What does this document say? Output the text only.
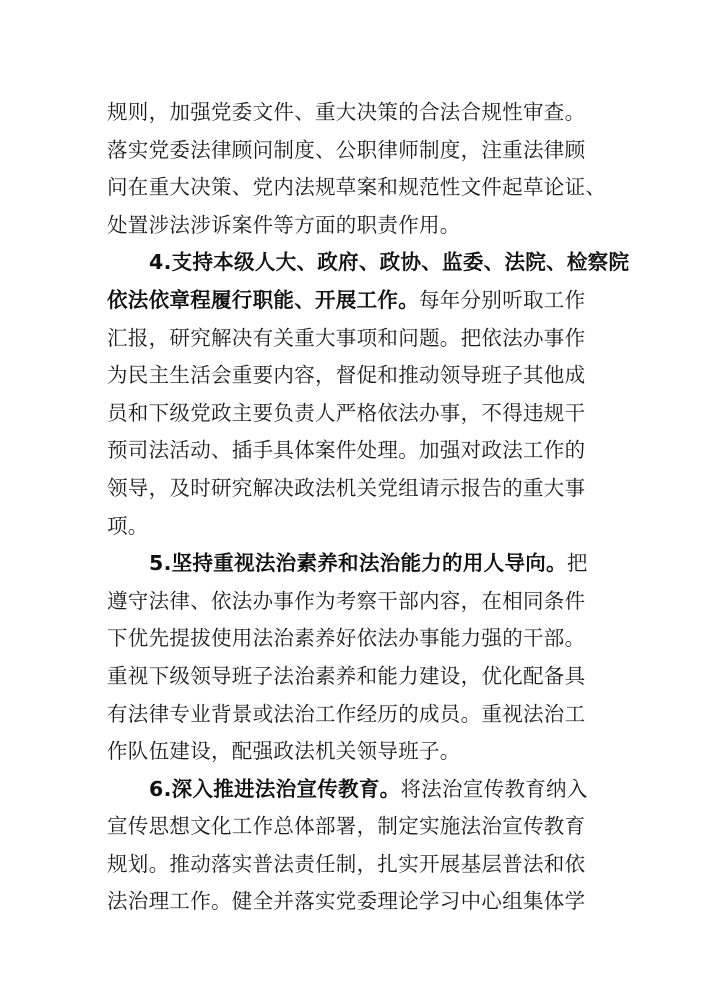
规则，加强党委文件、重大决策的合法合规性审查。
落实党委法律顾问制度、公职律师制度，注重法律顾
问在重大决策、党内法规草案和规范性文件起草论证、
处置涉法涉诉案件等方面的职责作用。
4.支持本级人大、政府、政协、监委、法院、检察院
依法依章程履行职能、开展工作。每年分别听取工作
汇报，研究解决有关重大事项和问题。把依法办事作
为民主生活会重要内容，督促和推动领导班子其他成
员和下级党政主要负责人严格依法办事，不得违规干
预司法活动、插手具体案件处理。加强对政法工作的
领导，及时研究解决政法机关党组请示报告的重大事
项。
5.坚持重视法治素养和法治能力的用人导向。把
遵守法律、依法办事作为考察干部内容，在相同条件
下优先提拔使用法治素养好依法办事能力强的干部。
重视下级领导班子法治素养和能力建设，优化配备具
有法律专业背景或法治工作经历的成员。重视法治工
作队伍建设，配强政法机关领导班子。
6.深入推进法治宣传教育。将法治宣传教育纳入
宣传思想文化工作总体部署，制定实施法治宣传教育
规划。推动落实普法责任制，扎实开展基层普法和依
法治理工作。健全并落实党委理论学习中心组集体学
